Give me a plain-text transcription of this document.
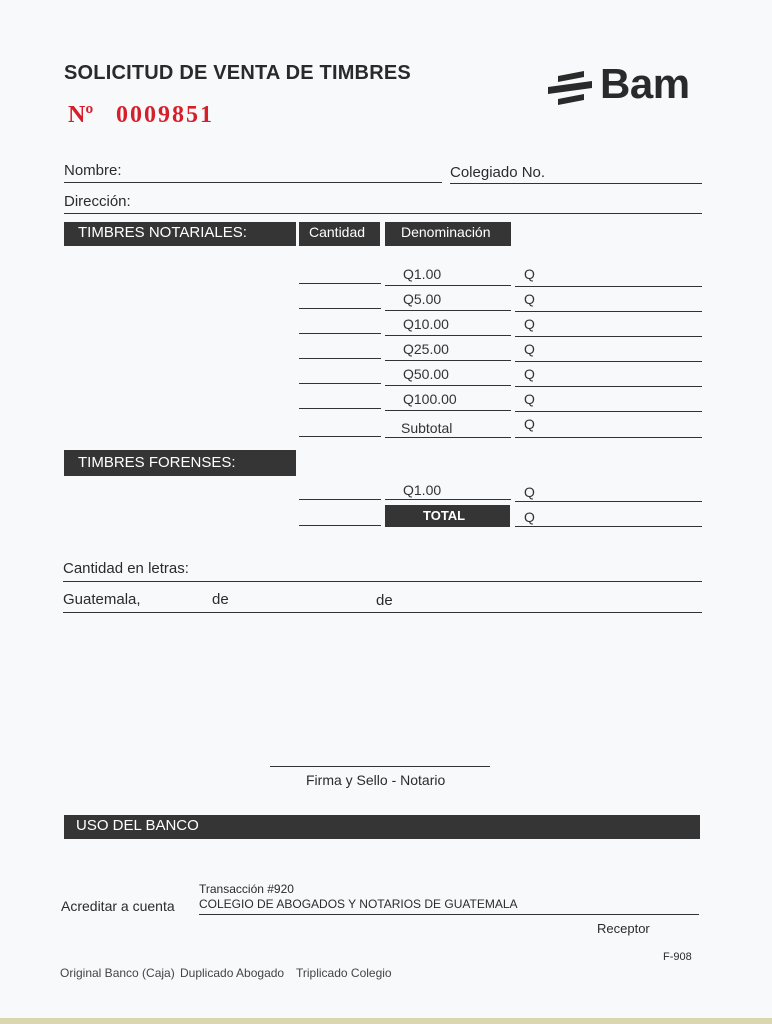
SOLICITUD DE VENTA DE TIMBRES
Nº 0009851
Bam
Nombre:	Colegiado No.
Dirección:
TIMBRES NOTARIALES:	Cantidad	Denominación
Q1.00	Q
Q5.00	Q
Q10.00	Q
Q25.00	Q
Q50.00	Q
Q100.00	Q
Subtotal	Q
TIMBRES FORENSES:
Q1.00	Q
TOTAL	Q
Cantidad en letras:
Guatemala,	de	de
Firma y Sello - Notario
USO DEL BANCO
Transacción #920
COLEGIO DE ABOGADOS Y NOTARIOS DE GUATEMALA
Acreditar a cuenta
Receptor
F-908
Original Banco (Caja) Duplicado Abogado Triplicado Colegio
